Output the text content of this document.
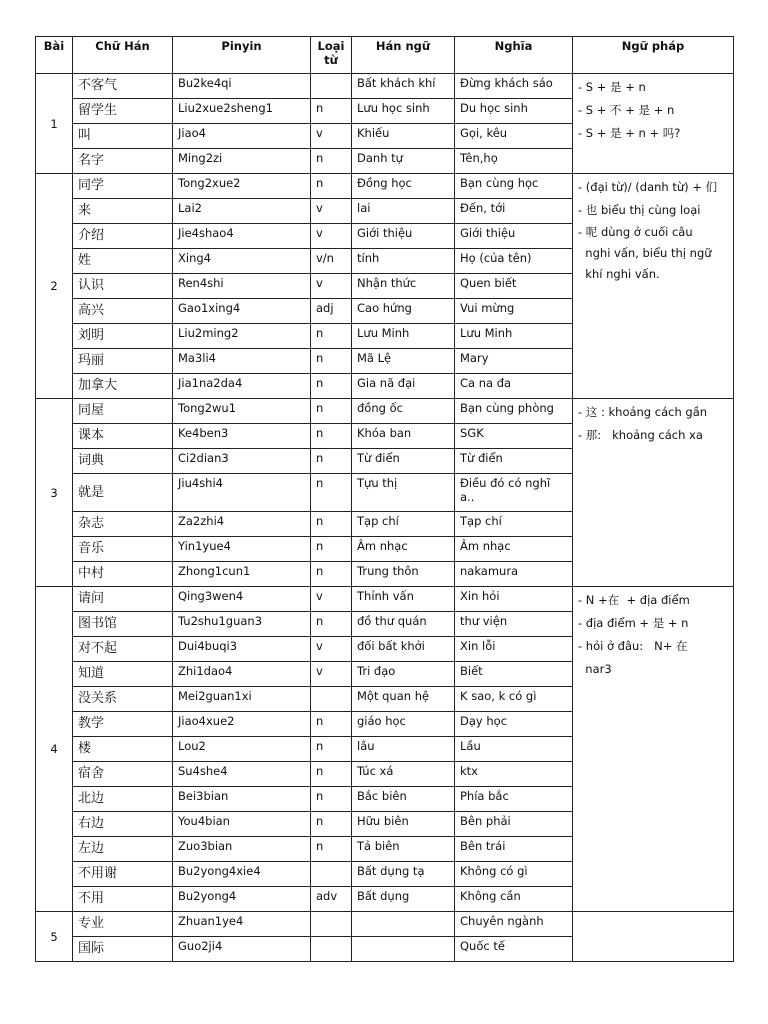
Bài	Chữ Hán	Pinyin	Loại từ	Hán ngữ	Nghĩa	Ngữ pháp
1	不客气	Bu2ke4qi		Bất khách khí	Đừng khách sáo	- S + 是 + n
- S + 不 + 是 + n
- S + 是 + n + 吗?

	留学生	Liu2xue2sheng1	n	Lưu học sinh	Du học sinh	
	叫	Jiao4	v	Khiếu	Gọi, kêu	
	名字	Ming2zi	n	Danh tự	Tên,họ	
2	同学	Tong2xue2	n	Đồng học	Bạn cùng học	- (đại từ)/ (danh từ) + 们
- 也 biểu thị cùng loại
- 呢 dùng ở cuối câu
nghi vấn, biểu thị ngữ
khí nghi vấn.

	来	Lai2	v	lai	Đến, tới	
	介绍	Jie4shao4	v	Giới thiệu	Giới thiệu	
	姓	Xing4	v/n	tính	Họ (của tên)	
	认识	Ren4shi	v	Nhận thức	Quen biết	
	高兴	Gao1xing4	adj	Cao hứng	Vui mừng	
	刘明	Liu2ming2	n	Lưu Minh	Lưu Minh	
	玛丽	Ma3li4	n	Mã Lệ	Mary	
	加拿大	Jia1na2da4	n	Gia nã đại	Ca na đa	
3	同屋	Tong2wu1	n	đồng ốc	Bạn cùng phòng	- 这 : khoảng cách gần
- 那:   khoảng cách xa

	课本	Ke4ben3	n	Khóa ban	SGK	
	词典	Ci2dian3	n	Từ điển	Từ điển	
	就是	Jiu4shi4	n	Tựu thị	Điều đó có nghĩ a..	
	杂志	Za2zhi4	n	Tạp chí	Tạp chí	
	音乐	Yin1yue4	n	Âm nhạc	Âm nhạc	
	中村	Zhong1cun1	n	Trung thôn	nakamura	
4	请问	Qing3wen4	v	Thỉnh vấn	Xin hỏi	- N +在  + địa điểm
- địa điểm + 是 + n
- hỏi ở đâu:   N+ 在
nar3

	图书馆	Tu2shu1guan3	n	đồ thư quán	thư viện	
	对不起	Dui4buqi3	v	đối bất khởi	Xin lỗi	
	知道	Zhi1dao4	v	Tri đạo	Biết	
	没关系	Mei2guan1xi		Một quan hệ	K sao, k có gì	
	教学	Jiao4xue2	n	giáo học	Dạy học	
	楼	Lou2	n	lâu	Lầu	
	宿舍	Su4she4	n	Túc xá	ktx	
	北边	Bei3bian	n	Bắc biên	Phía bắc	
	右边	You4bian	n	Hữu biên	Bên phải	
	左边	Zuo3bian	n	Tả biên	Bên trái	
	不用谢	Bu2yong4xie4		Bất dụng tạ	Không có gì	
	不用	Bu2yong4	adv	Bất dụng	Không cần	
5	专业	Zhuan1ye4			Chuyên ngành	
	国际	Guo2ji4			Quốc tế	
